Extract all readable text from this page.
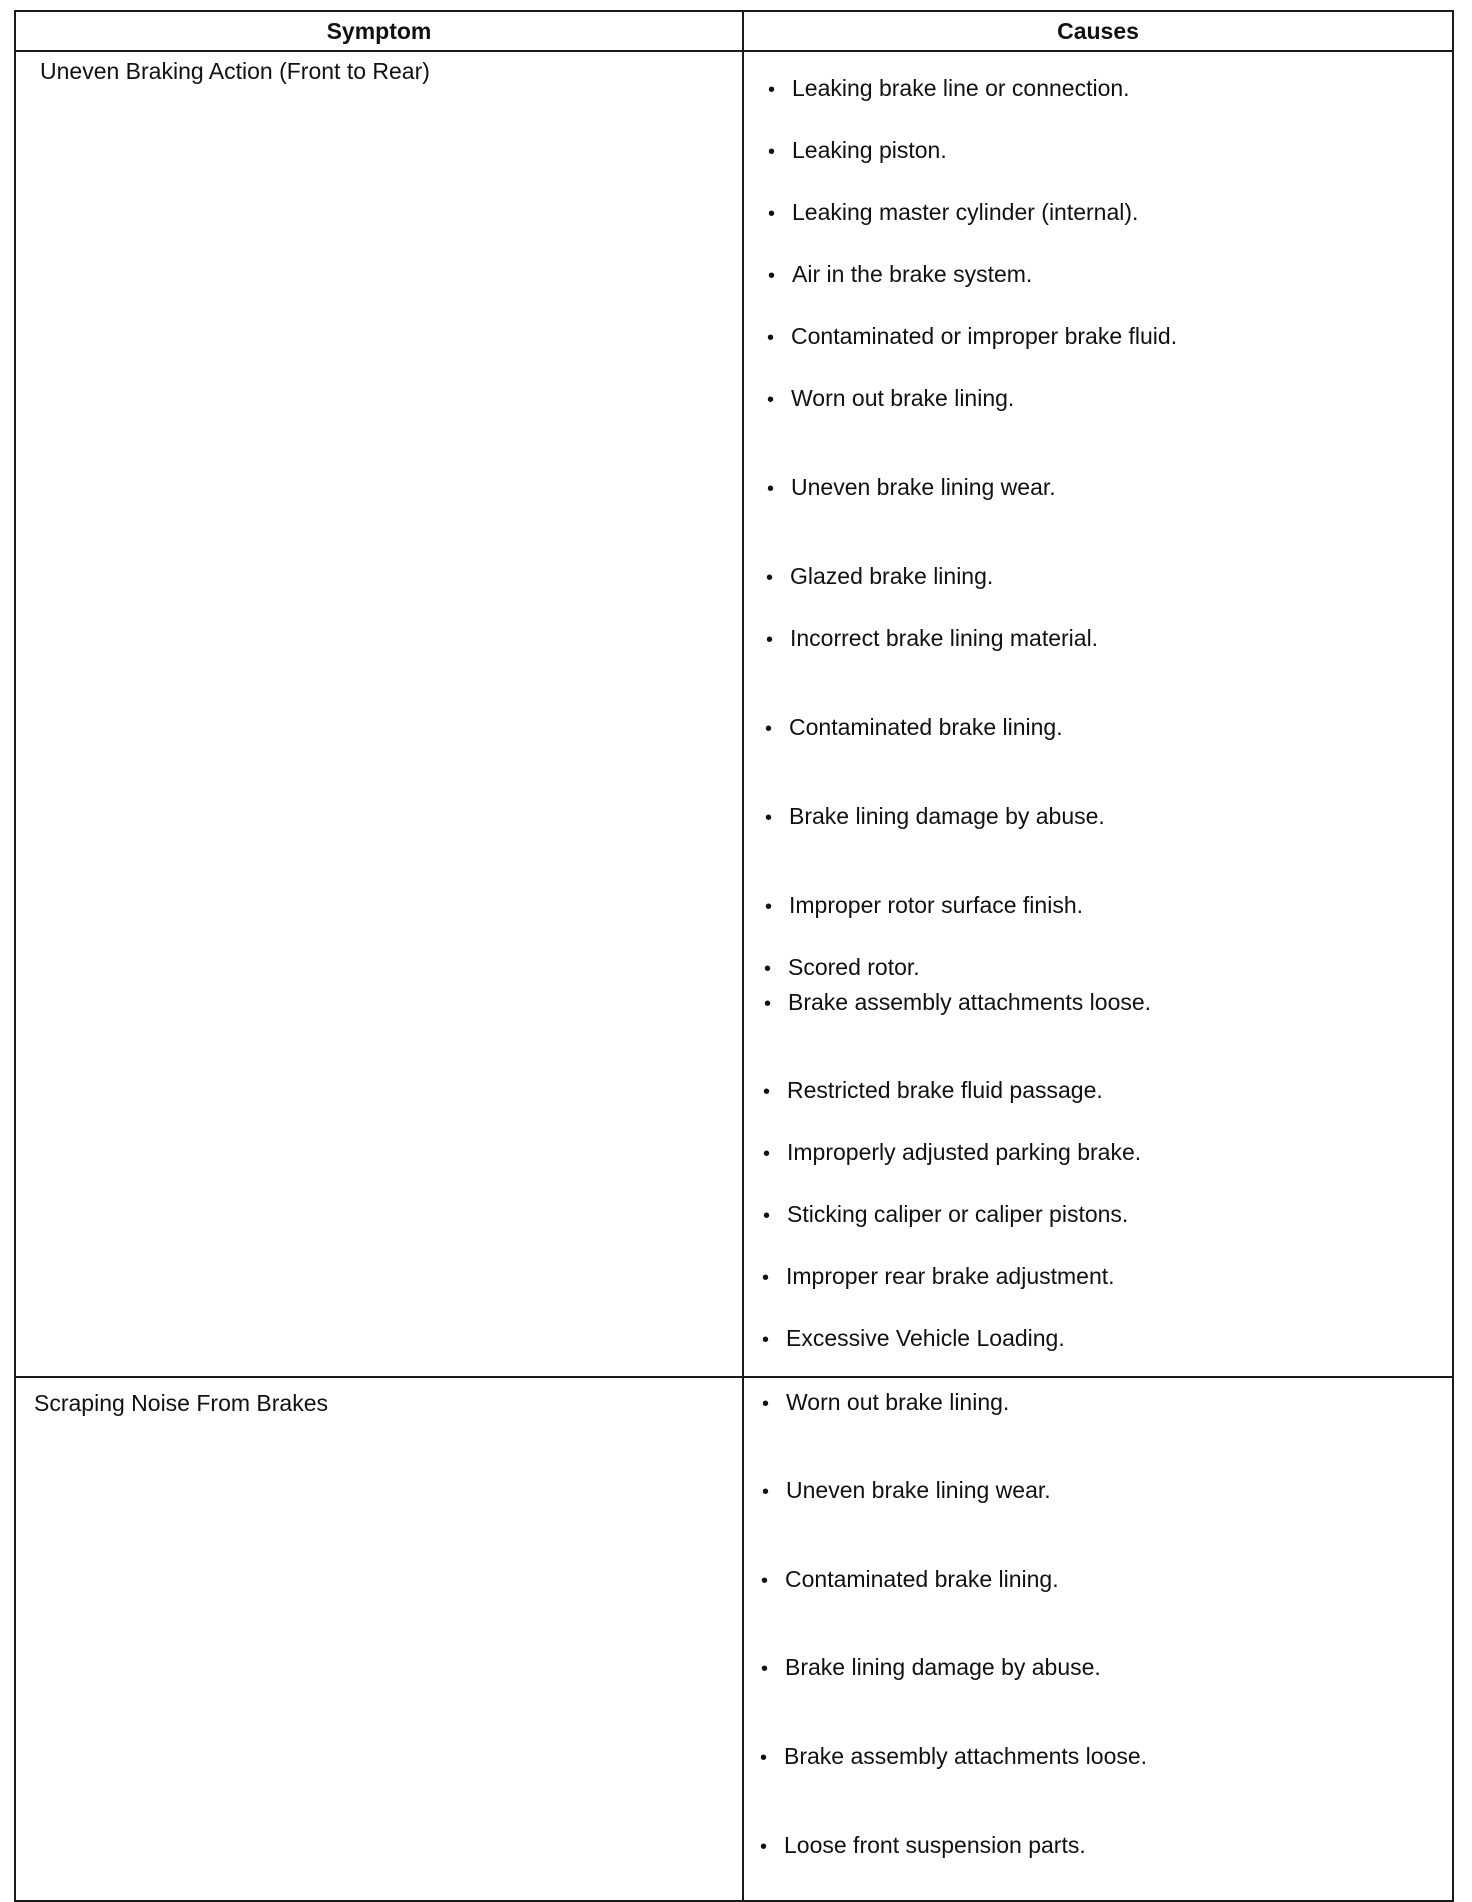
Symptom	Causes
Uneven Braking Action (Front to Rear)
• Leaking brake line or connection.
• Leaking piston.
• Leaking master cylinder (internal).
• Air in the brake system.
• Contaminated or improper brake fluid.
• Worn out brake lining.
• Uneven brake lining wear.
• Glazed brake lining.
• Incorrect brake lining material.
• Contaminated brake lining.
• Brake lining damage by abuse.
• Improper rotor surface finish.
• Scored rotor.
• Brake assembly attachments loose.
• Restricted brake fluid passage.
• Improperly adjusted parking brake.
• Sticking caliper or caliper pistons.
• Improper rear brake adjustment.
• Excessive Vehicle Loading.
Scraping Noise From Brakes	• Worn out brake lining.
• Uneven brake lining wear.
• Contaminated brake lining.
• Brake lining damage by abuse.
• Brake assembly attachments loose.
• Loose front suspension parts.
